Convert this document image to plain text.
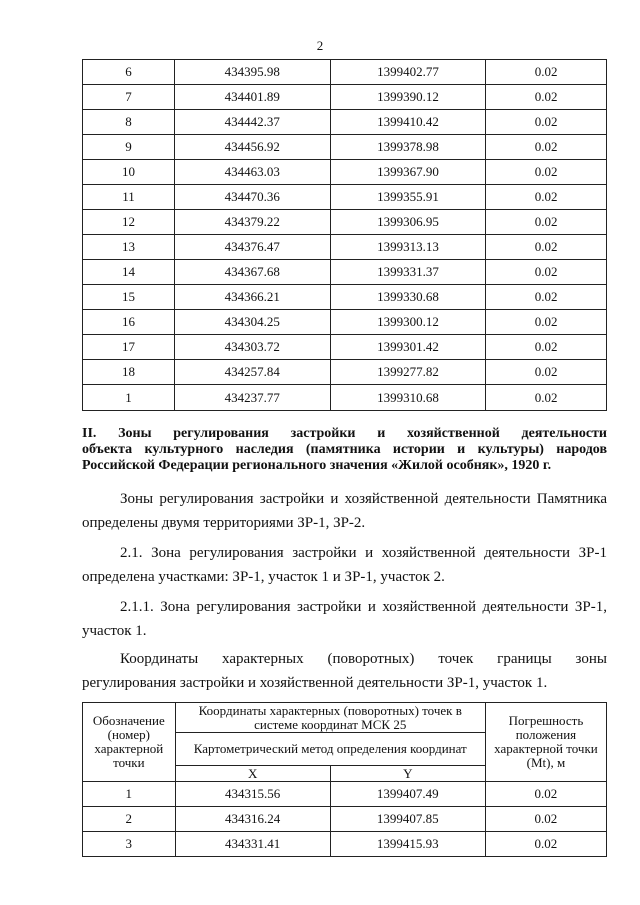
2
6	434395.98	1399402.77	0.02
7	434401.89	1399390.12	0.02
8	434442.37	1399410.42	0.02
9	434456.92	1399378.98	0.02
10	434463.03	1399367.90	0.02
11	434470.36	1399355.91	0.02
12	434379.22	1399306.95	0.02
13	434376.47	1399313.13	0.02
14	434367.68	1399331.37	0.02
15	434366.21	1399330.68	0.02
16	434304.25	1399300.12	0.02
17	434303.72	1399301.42	0.02
18	434257.84	1399277.82	0.02
1	434237.77	1399310.68	0.02
II. Зоны регулирования застройки и хозяйственной деятельности
объекта культурного наследия (памятника истории и культуры) народов
Российской Федерации регионального значения «Жилой особняк», 1920 г.
Зоны регулирования застройки и хозяйственной деятельности Памятника
определены двумя территориями ЗР-1, ЗР-2.
2.1. Зона регулирования застройки и хозяйственной деятельности ЗР-1
определена участками: ЗР-1, участок 1 и ЗР-1, участок 2.
2.1.1. Зона регулирования застройки и хозяйственной деятельности ЗР-1,
участок 1.
Координаты характерных (поворотных) точек границы зоны
регулирования застройки и хозяйственной деятельности ЗР-1, участок 1.
Обозначение (номер) характерной точки	Координаты характерных (поворотных) точек в системе координат МСК 25		Погрешность положения характерной точки (Mt), м
	Картометрический метод определения координат		
	X	Y	
1	434315.56	1399407.49	0.02
2	434316.24	1399407.85	0.02
3	434331.41	1399415.93	0.02
